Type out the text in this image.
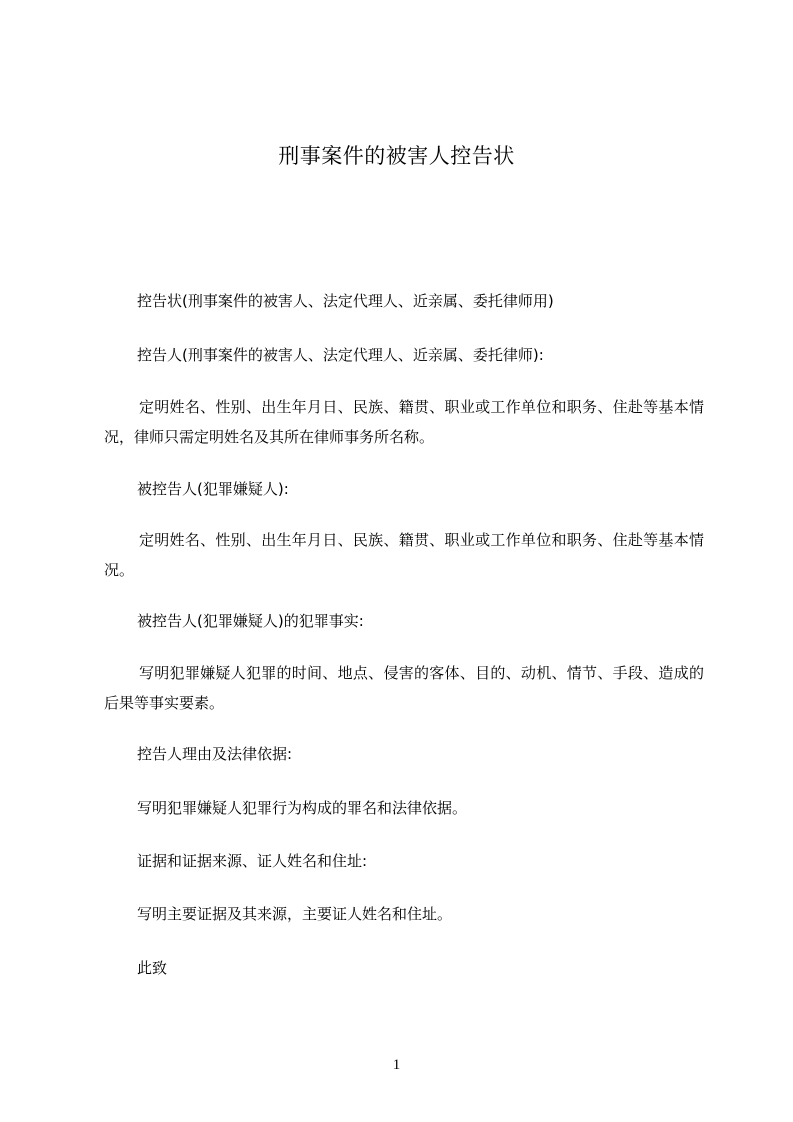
刑事案件的被害人控告状
控告状(刑事案件的被害人、法定代理人、近亲属、委托律师用)
控告人(刑事案件的被害人、法定代理人、近亲属、委托律师):
定明姓名、性别、出生年月日、民族、籍贯、职业或工作单位和职务、住赴等基本情况，律师只需定明姓名及其所在律师事务所名称。
被控告人(犯罪嫌疑人):
定明姓名、性别、出生年月日、民族、籍贯、职业或工作单位和职务、住赴等基本情况。
被控告人(犯罪嫌疑人)的犯罪事实:
写明犯罪嫌疑人犯罪的时间、地点、侵害的客体、目的、动机、情节、手段、造成的后果等事实要素。
控告人理由及法律依据:
写明犯罪嫌疑人犯罪行为构成的罪名和法律依据。
证据和证据来源、证人姓名和住址:
写明主要证据及其来源，主要证人姓名和住址。
此致
1
